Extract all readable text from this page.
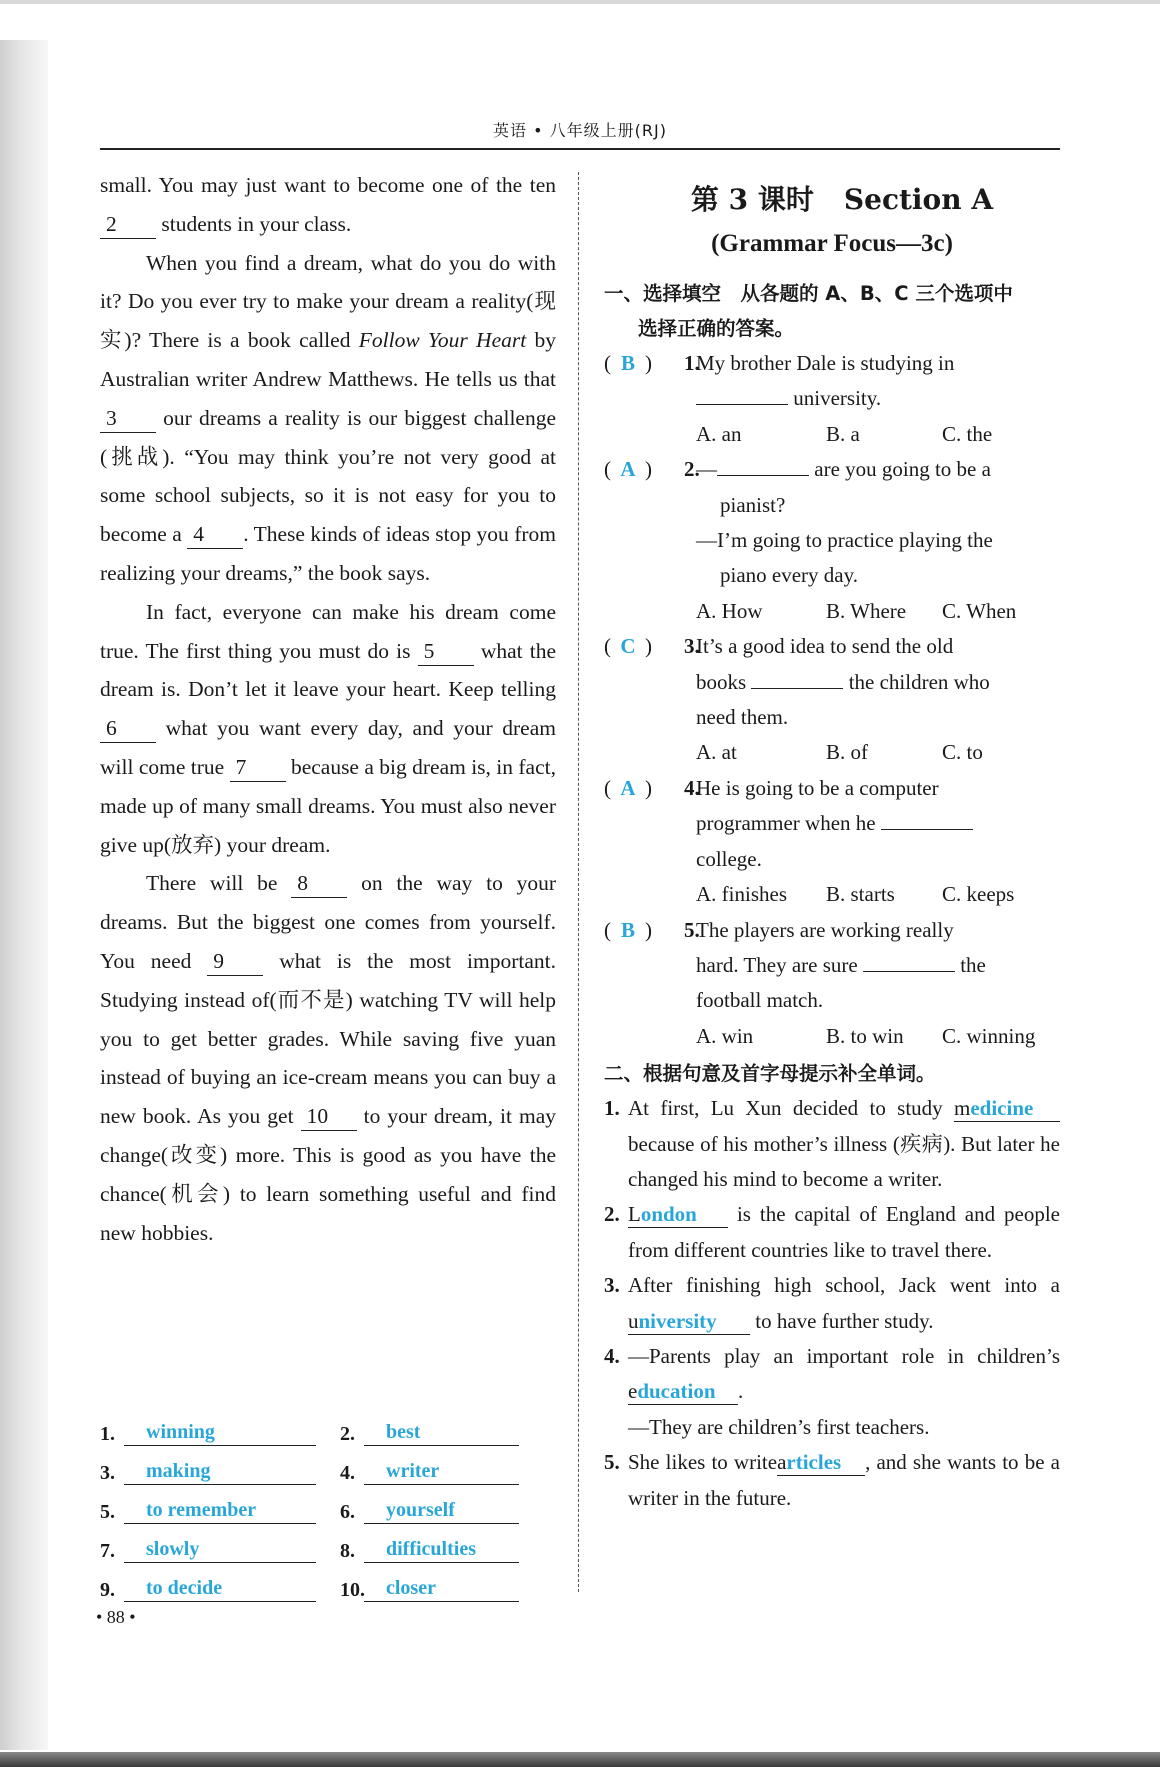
英语 • 八年级上册(RJ)

small. You may just want to become one of the ten 2 students in your class.

When you find a dream, what do you do with it? Do you ever try to make your dream a reality(现实)? There is a book called Follow Your Heart by Australian writer Andrew Matthews. He tells us that 3 our dreams a reality is our biggest challenge (挑战). “You may think you’re not very good at some school subjects, so it is not easy for you to become a 4 . These kinds of ideas stop you from realizing your dreams,” the book says.

In fact, everyone can make his dream come true. The first thing you must do is 5 what the dream is. Don’t let it leave your heart. Keep telling 6 what you want every day, and your dream will come true 7 because a big dream is, in fact, made up of many small dreams. You must also never give up(放弃) your dream.

There will be 8 on the way to your dreams. But the biggest one comes from yourself. You need 9	what is the most important. Studying instead of(而不是) watching TV will help you to get better grades. While saving five yuan instead of buying an ice-cream means you can buy a new book. As you get 10 to your dream, it may change(改变) more. This is good as you have the chance(机会) to learn something useful and find new hobbies.

1.	winning	2.	best
3.	making	4.	writer
5.	to remember	6.	yourself
7.	slowly	8.	difficulties
9.	to decide	10.	closer
• 88 •
第 3 课时 Section A
(Grammar Focus—3c)
一、选择填空　从各题的 A、B、C 三个选项中
选择正确的答案。
( B )	1.
My brother Dale is studying in
university.
A. an	B. a	C. the
( A )	2.
—	are you going to be a
pianist?
—I’m going to practice playing the
piano every day.
A. How	B. Where	C. When
( C )	3.
It’s a good idea to send the old
books	the children who
need them.
A. at	B. of	C. to
( A )	4.
He is going to be a computer
programmer when he
college.
A. finishes	B. starts	C. keeps
( B )	5.
The players are working really
hard. They are sure	the
football match.
A. win	B. to win	C. winning
二、根据句意及首字母提示补全单词。
1. At first, Lu Xun decided to study medicine because of his mother’s illness (疾病). But later he changed his mind to become a writer.
2. London is the capital of England and people from different countries like to travel there.
3. After finishing high school, Jack went into a university to have further study.
4. —Parents play an important role in children’s education .
—They are children’s first teachers.
5. She likes to writearticles , and she wants to be a writer in the future.
